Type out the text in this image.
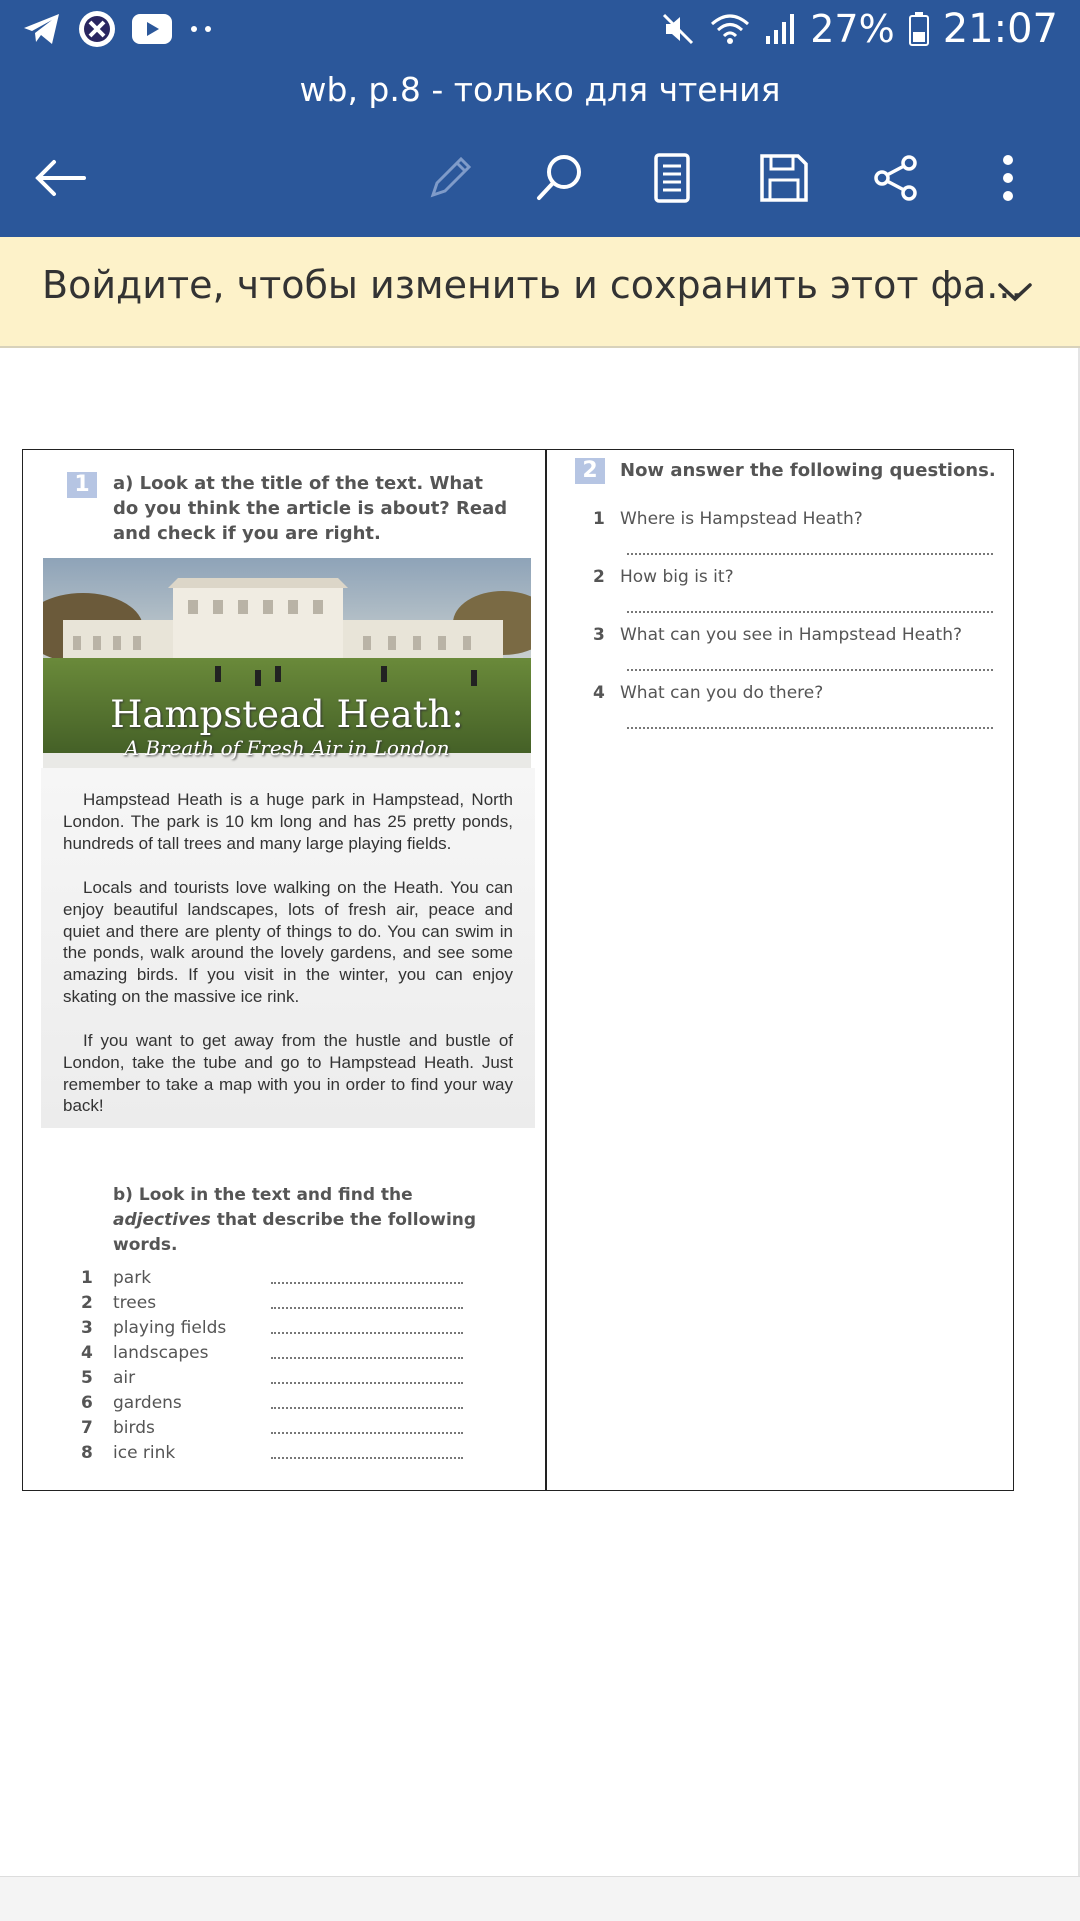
27% 21:07
wb, p.8 - только для чтения
Войдите, чтобы изменить и сохранить этот фа...
1	a) Look at the title of the text. What do you think the article is about? Read and check if you are right.
Hampstead Heath:
A Breath of Fresh Air in London

Hampstead Heath is a huge park in Hampstead, North London. The park is 10 km long and has 25 pretty ponds, hundreds of tall trees and many large playing fields.

Locals and tourists love walking on the Heath. You can enjoy beautiful landscapes, lots of fresh air, peace and quiet and there are plenty of things to do. You can swim in the ponds, walk around the lovely gardens, and see some amazing birds. If you visit in the winter, you can enjoy skating on the massive ice rink.

If you want to get away from the hustle and bustle of London, take the tube and go to Hampstead Heath. Just remember to take a map with you in order to find your way back!

b) Look in the text and find the adjectives that describe the following words.
1 park
2 trees
3 playing fields
4 landscapes
5 air
6 gardens
7 birds
8 ice rink
2	Now answer the following questions.
1 Where is Hampstead Heath?
2 How big is it?
3 What can you see in Hampstead Heath?
4 What can you do there?
